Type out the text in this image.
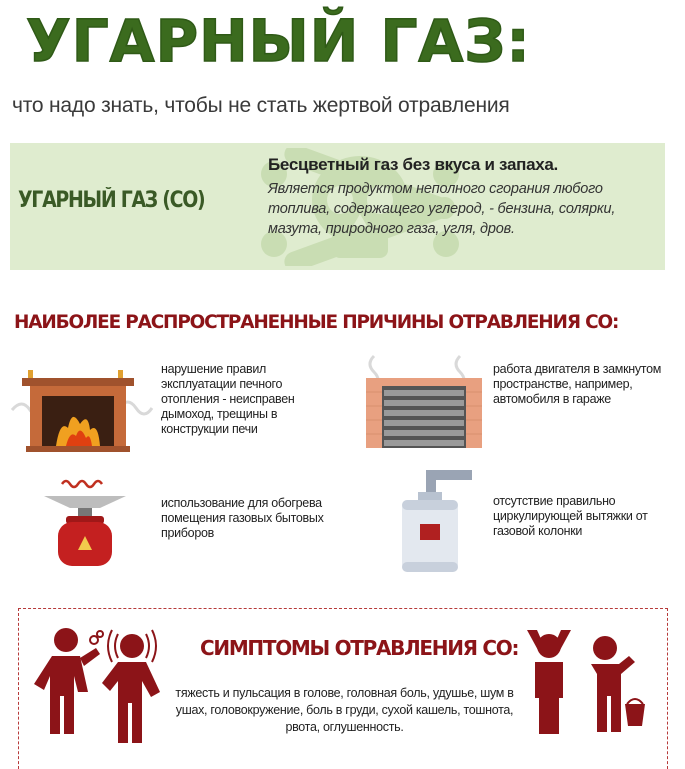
УГАРНЫЙ ГАЗ:
что надо знать, чтобы не стать жертвой отравления
УГАРНЫЙ ГАЗ (СО)
Бесцветный газ без вкуса и запаха.
Является продуктом неполного сгорания любого топлива, содержащего углерод, - бензина, солярки, мазута, природного газа, угля, дров.
НАИБОЛЕЕ РАСПРОСТРАНЕННЫЕ ПРИЧИНЫ ОТРАВЛЕНИЯ СО:
нарушение правил эксплуатации печного отопления - неисправен дымоход, трещины в конструкции печи
работа двигателя в замкнутом пространстве, например, автомобиля в гараже
использование для обогрева помещения газовых бытовых приборов
отсутствие правильно циркулирующей вытяжки от газовой колонки
СИМПТОМЫ ОТРАВЛЕНИЯ СО:
тяжесть и пульсация в голове, головная боль, удушье, шум в ушах, головокружение, боль в груди, сухой кашель, тошнота, рвота, оглушенность.
